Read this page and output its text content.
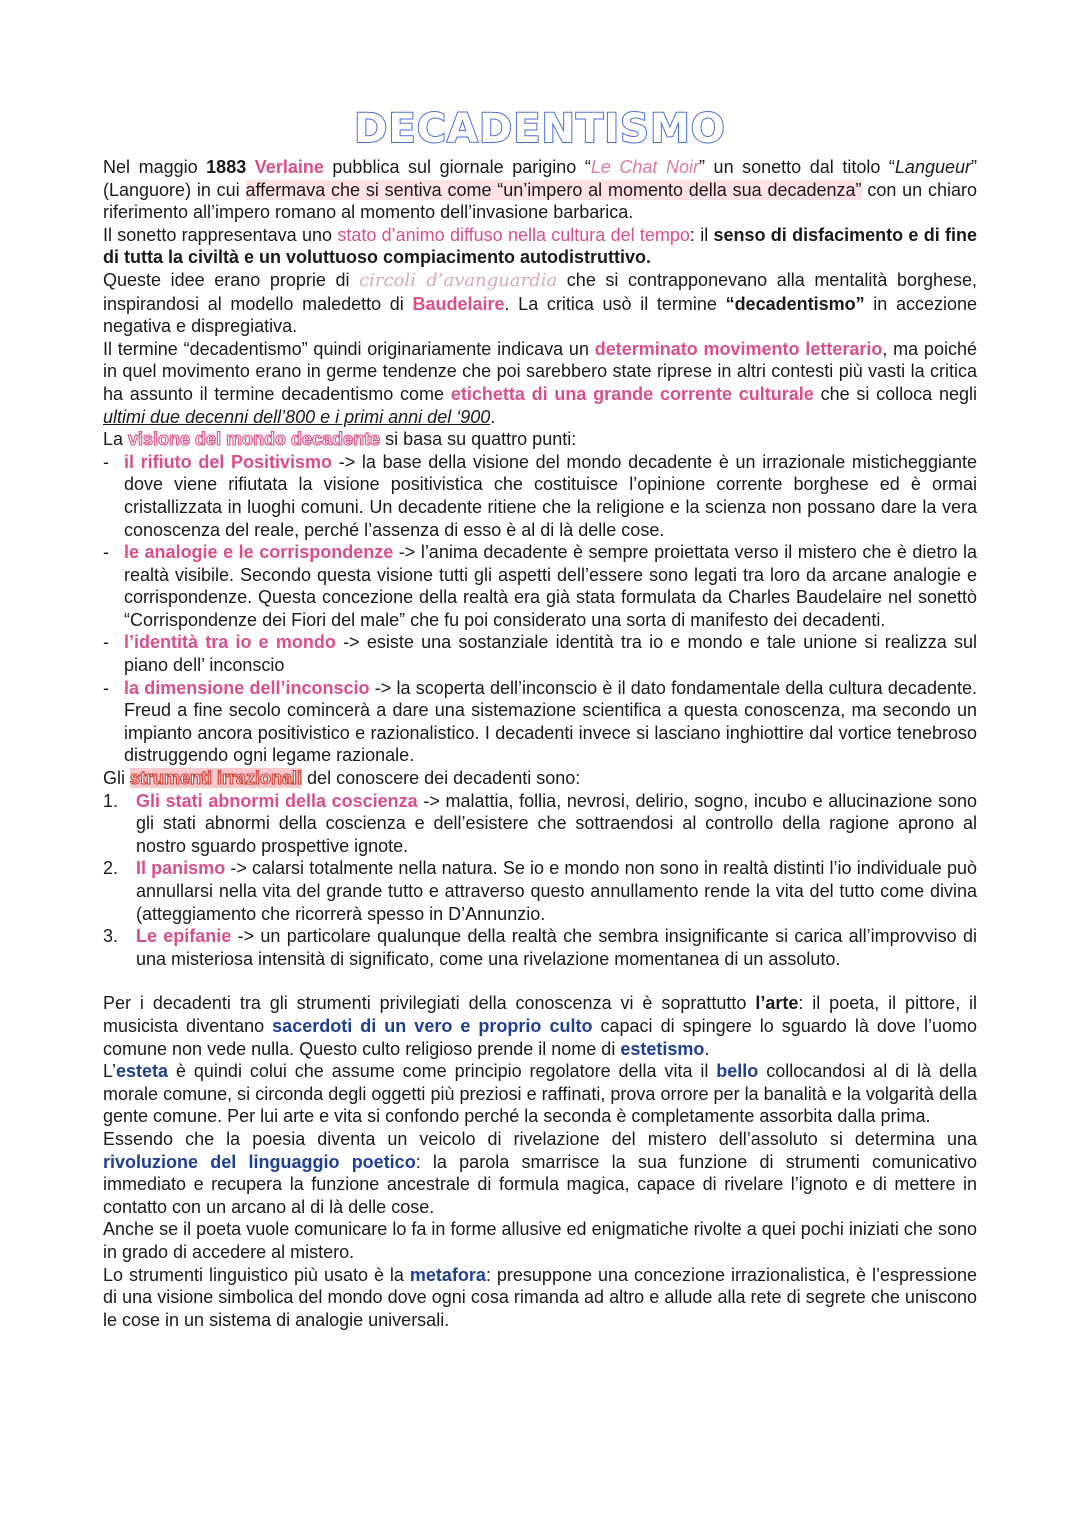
DECADENTISMO

Nel maggio 1883 Verlaine pubblica sul giornale parigino “Le Chat Noir” un sonetto dal titolo “Langueur” (Languore) in cui affermava che si sentiva come “un’impero al momento della sua decadenza” con un chiaro riferimento all’impero romano al momento dell’invasione barbarica.

Il sonetto rappresentava uno stato d’animo diffuso nella cultura del tempo: il senso di disfacimento e di fine di tutta la civiltà e un voluttuoso compiacimento autodistruttivo.

Queste idee erano proprie di circoli d’avanguardia che si contrapponevano alla mentalità borghese, inspirandosi al modello maledetto di Baudelaire. La critica usò il termine “decadentismo” in accezione negativa e dispregiativa.

Il termine “decadentismo” quindi originariamente indicava un determinato movimento letterario, ma poiché in quel movimento erano in germe tendenze che poi sarebbero state riprese in altri contesti più vasti la critica ha assunto il termine decadentismo come etichetta di una grande corrente culturale che si colloca negli ultimi due decenni dell’800 e i primi anni del ‘900.

La visione del mondo decadente si basa su quattro punti:

- il rifiuto del Positivismo -> la base della visione del mondo decadente è un irrazionale misticheggiante dove viene rifiutata la visione positivistica che costituisce l’opinione corrente borghese ed è ormai cristallizzata in luoghi comuni. Un decadente ritiene che la religione e la scienza non possano dare la vera conoscenza del reale, perché l’assenza di esso è al di là delle cose.
- le analogie e le corrispondenze -> l’anima decadente è sempre proiettata verso il mistero che è dietro la realtà visibile. Secondo questa visione tutti gli aspetti dell’essere sono legati tra loro da arcane analogie e corrispondenze. Questa concezione della realtà era già stata formulata da Charles Baudelaire nel sonettò “Corrispondenze dei Fiori del male” che fu poi considerato una sorta di manifesto dei decadenti.
- l’identità tra io e mondo -> esiste una sostanziale identità tra io e mondo e tale unione si realizza sul piano dell’ inconscio
- la dimensione dell’inconscio -> la scoperta dell’inconscio è il dato fondamentale della cultura decadente. Freud a fine secolo comincerà a dare una sistemazione scientifica a questa conoscenza, ma secondo un impianto ancora positivistico e razionalistico. I decadenti invece si lasciano inghiottire dal vortice tenebroso distruggendo ogni legame razionale.

Gli strumenti irrazionali del conoscere dei decadenti sono:

1. Gli stati abnormi della coscienza -> malattia, follia, nevrosi, delirio, sogno, incubo e allucinazione sono gli stati abnormi della coscienza e dell’esistere che sottraendosi al controllo della ragione aprono al nostro sguardo prospettive ignote.
2. Il panismo -> calarsi totalmente nella natura. Se io e mondo non sono in realtà distinti l’io individuale può annullarsi nella vita del grande tutto e attraverso questo annullamento rende la vita del tutto come divina (atteggiamento che ricorrerà spesso in D’Annunzio.
3. Le epifanie -> un particolare qualunque della realtà che sembra insignificante si carica all’improvviso di una misteriosa intensità di significato, come una rivelazione momentanea di un assoluto.

Per i decadenti tra gli strumenti privilegiati della conoscenza vi è soprattutto l’arte: il poeta, il pittore, il musicista diventano sacerdoti di un vero e proprio culto capaci di spingere lo sguardo là dove l’uomo comune non vede nulla. Questo culto religioso prende il nome di estetismo.

L’esteta è quindi colui che assume come principio regolatore della vita il bello collocandosi al di là della morale comune, si circonda degli oggetti più preziosi e raffinati, prova orrore per la banalità e la volgarità della gente comune. Per lui arte e vita si confondo perché la seconda è completamente assorbita dalla prima.

Essendo che la poesia diventa un veicolo di rivelazione del mistero dell’assoluto si determina una rivoluzione del linguaggio poetico: la parola smarrisce la sua funzione di strumenti comunicativo immediato e recupera la funzione ancestrale di formula magica, capace di rivelare l’ignoto e di mettere in contatto con un arcano al di là delle cose.

Anche se il poeta vuole comunicare lo fa in forme allusive ed enigmatiche rivolte a quei pochi iniziati che sono in grado di accedere al mistero.

Lo strumenti linguistico più usato è la metafora: presuppone una concezione irrazionalistica, è l’espressione di una visione simbolica del mondo dove ogni cosa rimanda ad altro e allude alla rete di segrete che uniscono le cose in un sistema di analogie universali.
